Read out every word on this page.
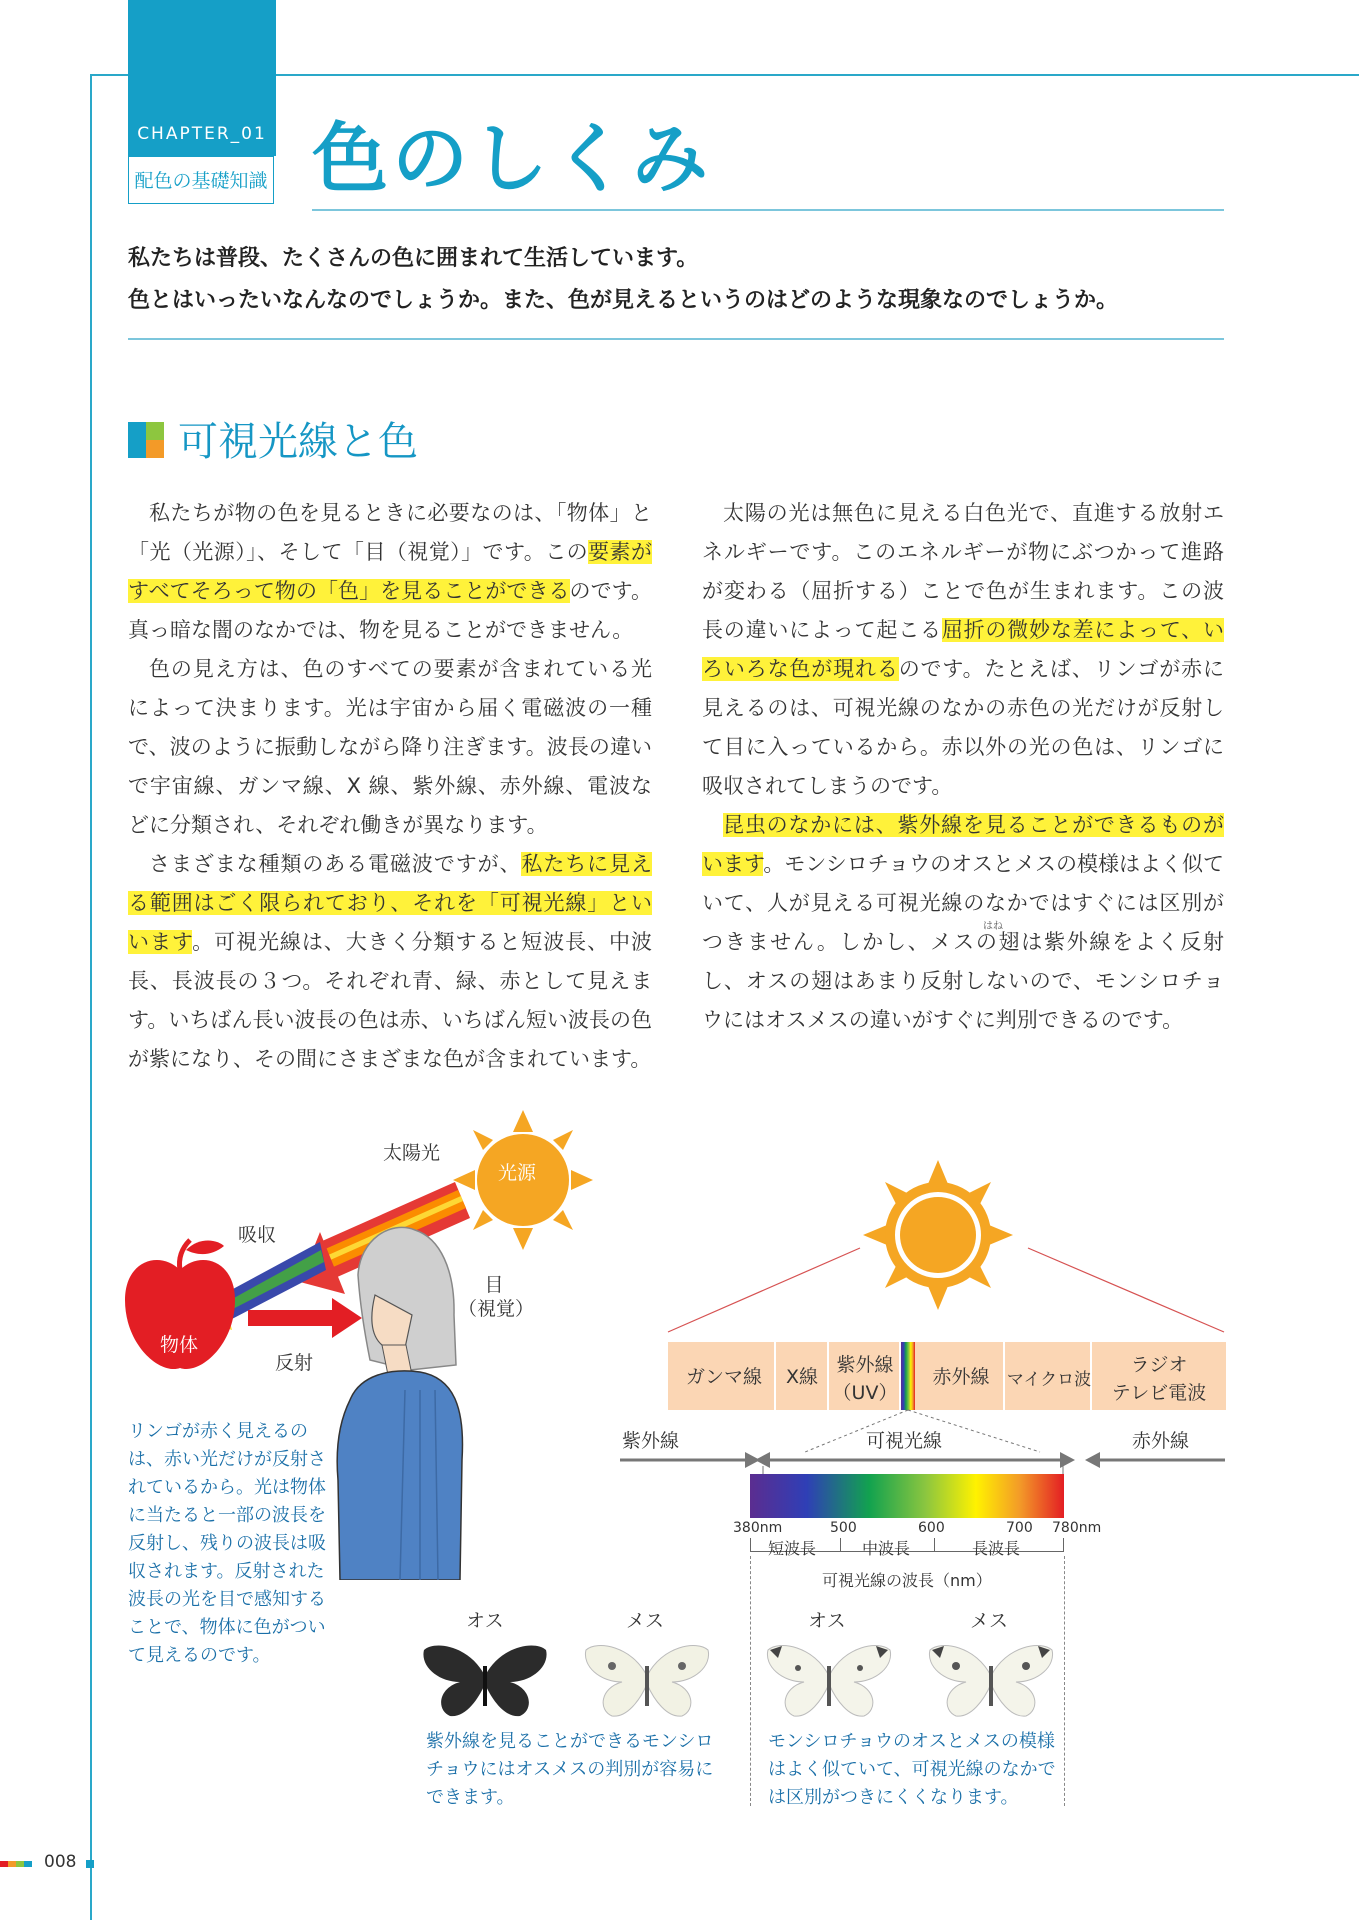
CHAPTER_01
配色の基礎知識 色のしくみ
私たちは普段、たくさんの色に囲まれて生活しています。
色とはいったいなんなのでしょうか。また、色が見えるというのはどのような現象なのでしょうか。
可視光線と色

私たちが物の色を見るときに必要なのは、「物体」と「光（光源）」、そして「目（視覚）」です。この要素がすべてそろって物の「色」を見ることができるのです。真っ暗な闇のなかでは、物を見ることができません。

色の見え方は、色のすべての要素が含まれている光によって決まります。光は宇宙から届く電磁波の一種で、波のように振動しながら降り注ぎます。波長の違いで宇宙線、ガンマ線、X 線、紫外線、赤外線、電波などに分類され、それぞれ働きが異なります。

さまざまな種類のある電磁波ですが、私たちに見える範囲はごく限られており、それを「可視光線」といいます。可視光線は、大きく分類すると短波長、中波長、長波長の３つ。それぞれ青、緑、赤として見えます。いちばん長い波長の色は赤、いちばん短い波長の色が紫になり、その間にさまざまな色が含まれています。

太陽の光は無色に見える白色光で、直進する放射エネルギーです。このエネルギーが物にぶつかって進路が変わる（屈折する）ことで色が生まれます。この波長の違いによって起こる屈折の微妙な差によって、いろいろな色が現れるのです。たとえば、リンゴが赤に見えるのは、可視光線のなかの赤色の光だけが反射して目に入っているから。赤以外の光の色は、リンゴに吸収されてしまうのです。

昆虫のなかには、紫外線を見ることができるものがいます。モンシロチョウのオスとメスの模様はよく似ていて、人が見える可視光線のなかではすぐには区別がつきません。しかし、メスの翅は紫外線をよく反射し、オスの翅はあまり反射しないので、モンシロチョウにはオスメスの違いがすぐに判別できるのです。

はね
太陽光
光源
吸収
目
（視覚）
物体
反射
リンゴが赤く見えるのは、赤い光だけが反射されているから。光は物体に当たると一部の波長を反射し、残りの波長は吸収されます。反射された波長の光を目で感知することで、物体に色がついて見えるのです。
ガンマ線	X線
紫外線
（UV）
赤外線	マイクロ波
ラジオ
テレビ電波
紫外線	可視光線	赤外線
380nm	500	600	700 780nm
短波長	中波長	長波長
可視光線の波長（nm）
オス	メス	オス	メス
紫外線を見ることができるモンシロチョウにはオスメスの判別が容易にできます。
モンシロチョウのオスとメスの模様はよく似ていて、可視光線のなかでは区別がつきにくくなります。
008
